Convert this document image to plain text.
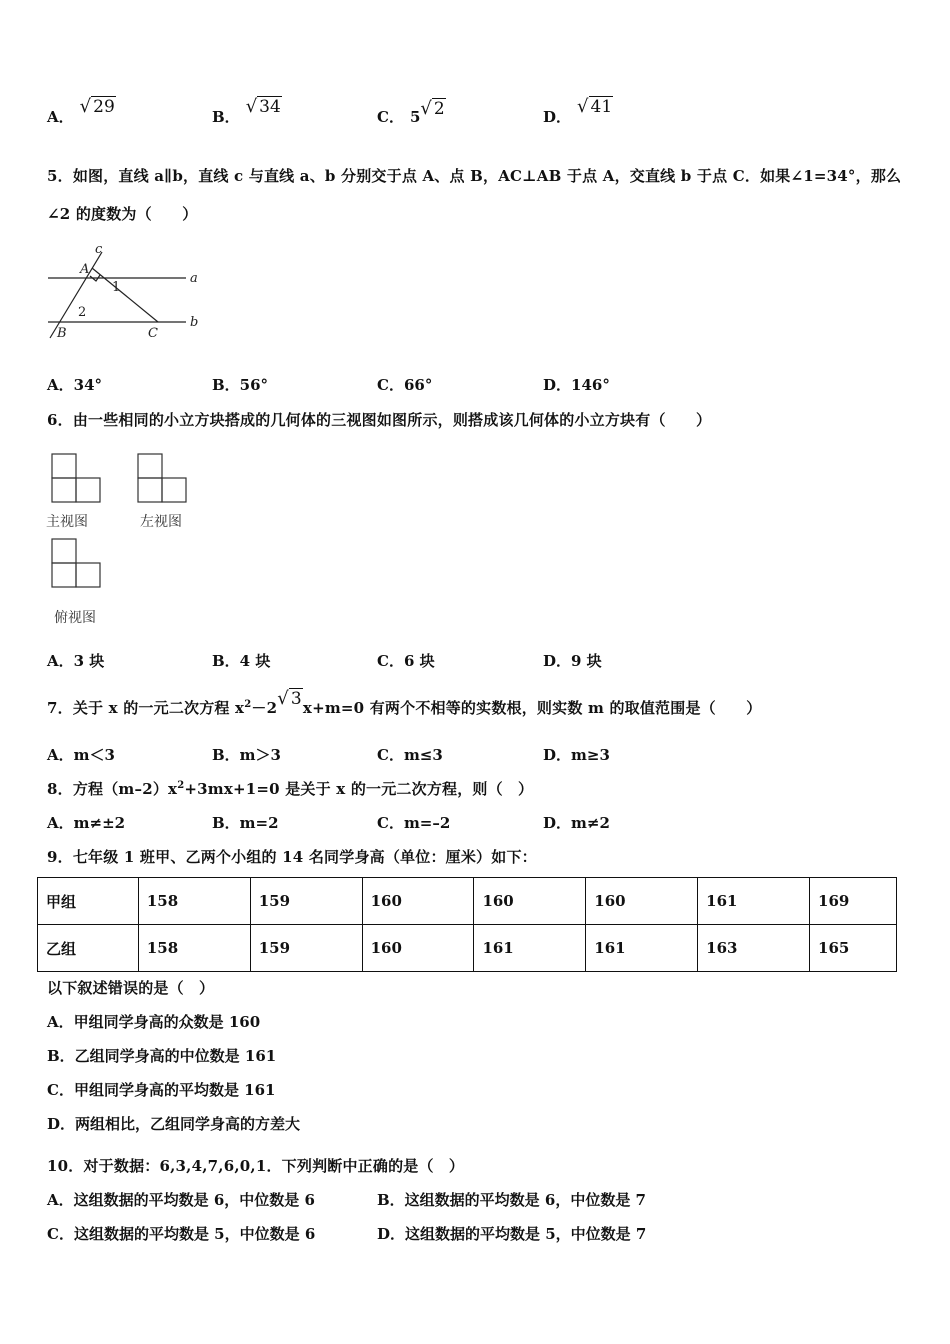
A． √ 29	B． √ 34	C． 5√ 2	D． √ 41
5．如图，直线 a∥b，直线 c 与直线 a、b 分别交于点 A、点 B，AC⊥AB 于点 A，交直线 b 于点 C．如果∠1=34°，那么
∠2 的度数为（　　）
c
A
a
1
2
B	C
b
A．34°	B．56°	C．66°	D．146°
6．由一些相同的小立方块搭成的几何体的三视图如图所示，则搭成该几何体的小立方块有（　　）
主视图	左视图
俯视图
A．3 块	B．4 块	C．6 块	D．9 块
7．关于 x 的一元二次方程 $x^2-2√$ 3x+m=0 有两个不相等的实数根，则实数 m 的取值范围是（　　）
A．m＜3	B．m＞3	C．m≤3	D．m≥3
8．方程$(m-2)x^2+3mx+1=0$ 是关于 x 的一元二次方程，则（　）
A．m≠±2	B．m=2	C．m=–2	D．m≠2
9．七年级 1 班甲、乙两个小组的 14 名同学身高（单位：厘米）如下：
甲组	158	159	160	160	160	161	169
乙组	158	159	160	161	161	163	165
以下叙述错误的是（　）
A．甲组同学身高的众数是 160
B．乙组同学身高的中位数是 161
C．甲组同学身高的平均数是 161
D．两组相比，乙组同学身高的方差大
10．对于数据：6,3,4,7,6,0,1．下列判断中正确的是（　）
A．这组数据的平均数是 6，中位数是 6	B．这组数据的平均数是 6，中位数是 7
C．这组数据的平均数是 5，中位数是 6	D．这组数据的平均数是 5，中位数是 7
